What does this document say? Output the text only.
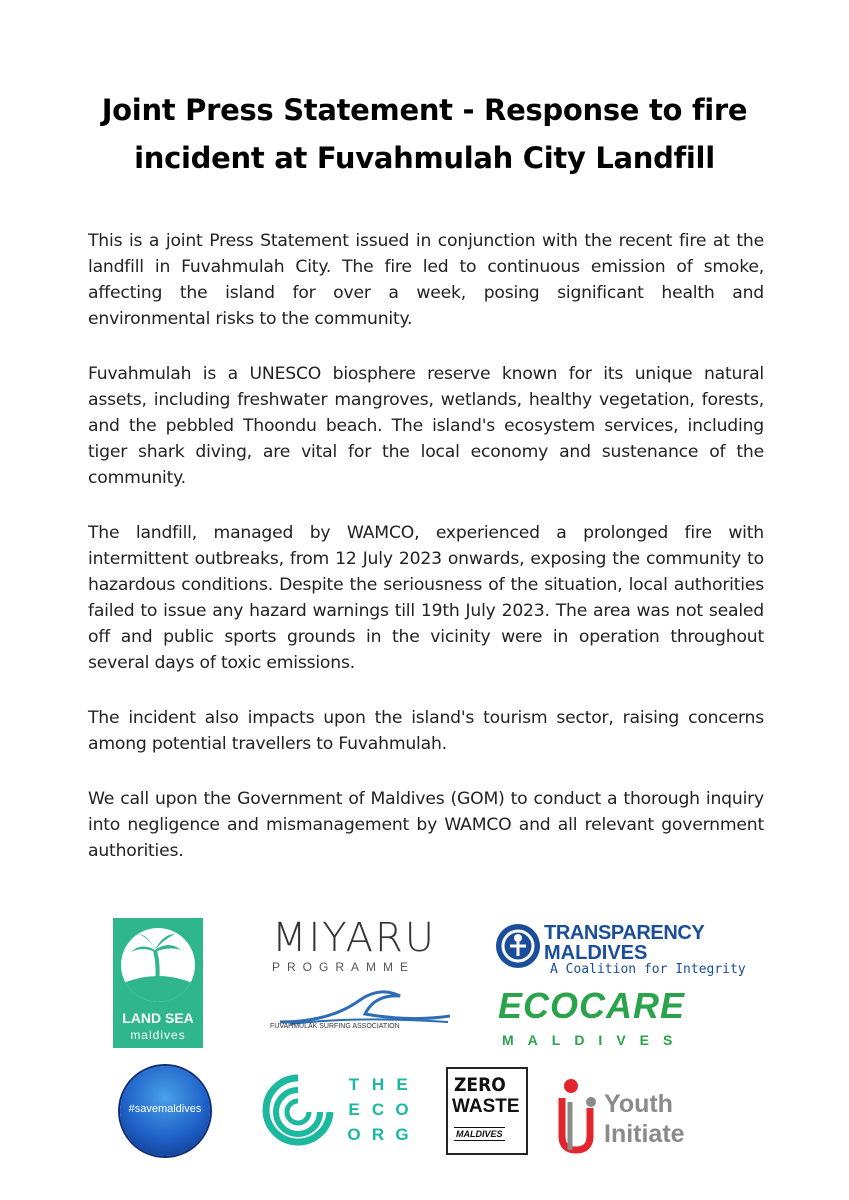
Joint Press Statement - Response to fire incident at Fuvahmulah City Landfill

This is a joint Press Statement issued in conjunction with the recent fire at the landfill in Fuvahmulah City. The fire led to continuous emission of smoke, affecting the island for over a week, posing significant health and environmental risks to the community.

Fuvahmulah is a UNESCO biosphere reserve known for its unique natural assets, including freshwater mangroves, wetlands, healthy vegetation, forests, and the pebbled Thoondu beach. The island's ecosystem services, including tiger shark diving, are vital for the local economy and sustenance of the community.

The landfill, managed by WAMCO, experienced a prolonged fire with intermittent outbreaks, from 12 July 2023 onwards, exposing the community to hazardous conditions. Despite the seriousness of the situation, local authorities failed to issue any hazard warnings till 19th July 2023. The area was not sealed off and public sports grounds in the vicinity were in operation throughout several days of toxic emissions.

The incident also impacts upon the island's tourism sector, raising concerns among potential travellers to Fuvahmulah.

We call upon the Government of Maldives (GOM) to conduct a thorough inquiry into negligence and mismanagement by WAMCO and all relevant government authorities.

LAND SEA
maldives
MIYARU
PROGRAMME
FUVAHMULAK SURFING ASSOCIATION
TRANSPARENCY
MALDIVES
A Coalition for Integrity
ECOCARE
MALDIVES
#savemaldives
T H E
E C O
O R G
ZERO
WASTE
MALDIVES
Youth
Initiate
